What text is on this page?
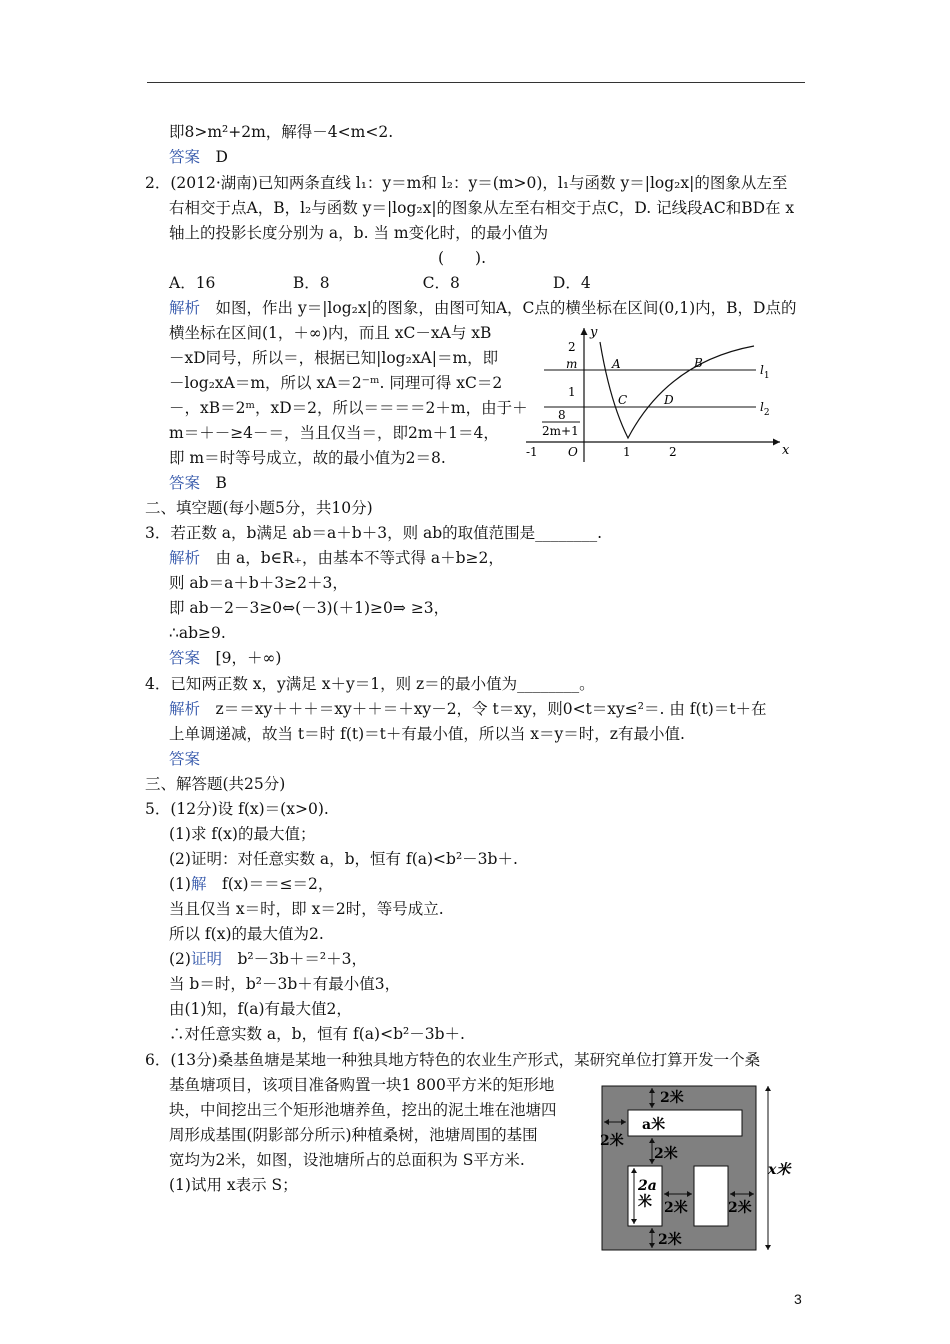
即8>m²+2m，解得－4<m<2.
答案　 D
2．(2012·湖南)已知两条直线 l₁：y＝m和 l₂：y＝(m>0)，l₁与函数 y＝|log₂x|的图象从左至
右相交于点A，B，l₂与函数 y＝|log₂x|的图象从左至右相交于点C，D. 记线段AC和BD在 x
轴上的投影长度分别为 a，b. 当 m变化时，的最小值为
(　　).
A．16　　　　　B．8　　　　　　C．8　　　　　　D．4
解析　 如图，作出 y＝|log₂x|的图象，由图可知A，C点的横坐标在区间(0,1)内，B，D点的
横坐标在区间(1，＋∞)内，而且 xC－xA与 xB
－xD同号，所以＝，根据已知|log₂xA|＝m，即
－log₂xA＝m，所以 xA＝2⁻ᵐ. 同理可得 xC＝2
－，xB＝2ᵐ，xD＝2，所以＝＝＝＝2＋m，由于＋
m＝＋－≥4－＝，当且仅当＝，即2m＋1＝4，
即 m＝时等号成立，故的最小值为2＝8.
答案　 B
二、填空题(每小题5分，共10分)
3．若正数 a，b满足 ab＝a＋b＋3，则 ab的取值范围是________.
解析　 由 a，b∈R₊，由基本不等式得 a＋b≥2，
则 ab＝a＋b＋3≥2＋3，
即 ab－2－3≥0⇔(－3)(＋1)≥0⇒ ≥3，
∴ab≥9.
答案　 [9，＋∞)
4．已知两正数 x，y满足 x＋y＝1，则 z＝的最小值为________。
解析　 z＝＝xy＋＋＋＝xy＋＋＝＋xy－2，令 t＝xy，则0<t＝xy≤²＝. 由 f(t)＝t＋在
上单调递减，故当 t＝时 f(t)＝t＋有最小值，所以当 x＝y＝时，z有最小值.
答案　
三、解答题(共25分)
5．(12分)设 f(x)＝(x>0).
(1)求 f(x)的最大值；
(2)证明：对任意实数 a，b，恒有 f(a)<b²－3b＋.
(1)解　 f(x)＝＝≤＝2，
当且仅当 x＝时，即 x＝2时，等号成立.
所以 f(x)的最大值为2.
(2)证明　 b²－3b＋＝²＋3，
当 b＝时，b²－3b＋有最小值3，
由(1)知，f(a)有最大值2，
∴对任意实数 a，b，恒有 f(a)<b²－3b＋.
6．(13分)桑基鱼塘是某地一种独具地方特色的农业生产形式，某研究单位打算开发一个桑
基鱼塘项目，该项目准备购置一块1 800平方米的矩形地
块，中间挖出三个矩形池塘养鱼，挖出的泥土堆在池塘四
周形成基围(阴影部分所示)种植桑树，池塘周围的基围
宽均为2米，如图，设池塘所占的总面积为 S平方米.
(1)试用 x表示 S；
y
x
O
2
m
1
8
2m+1
-1	1	2
A	B
C	D
$l_1$
$l_2$
2米
a米
2米
2米
2a
米 2米	2米
2米
x米
3
